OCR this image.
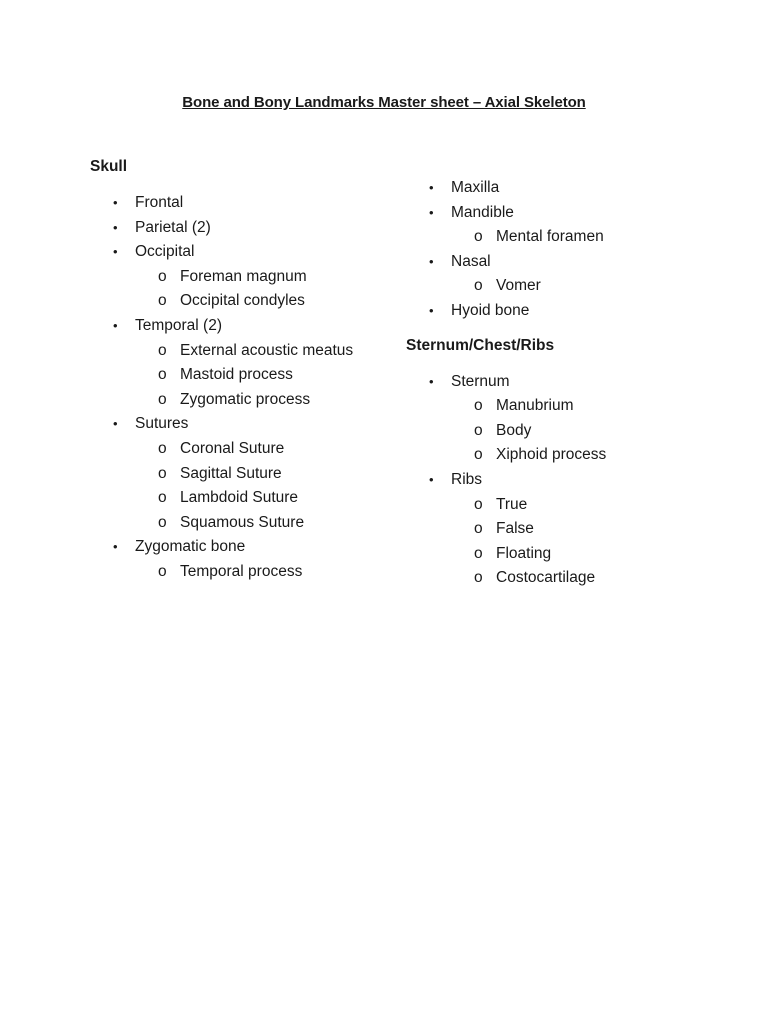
Bone and Bony Landmarks Master sheet – Axial Skeleton
Skull
• Frontal
• Parietal (2)
• Occipital
o Foreman magnum
o Occipital condyles
• Temporal (2)
o External acoustic meatus
o Mastoid process
o Zygomatic process
• Sutures
o Coronal Suture
o Sagittal Suture
o Lambdoid Suture
o Squamous Suture
• Zygomatic bone
o Temporal process
• Maxilla
• Mandible
o Mental foramen
• Nasal
o Vomer
• Hyoid bone
Sternum/Chest/Ribs
• Sternum
o Manubrium
o Body
o Xiphoid process
• Ribs
o True
o False
o Floating
o Costocartilage
